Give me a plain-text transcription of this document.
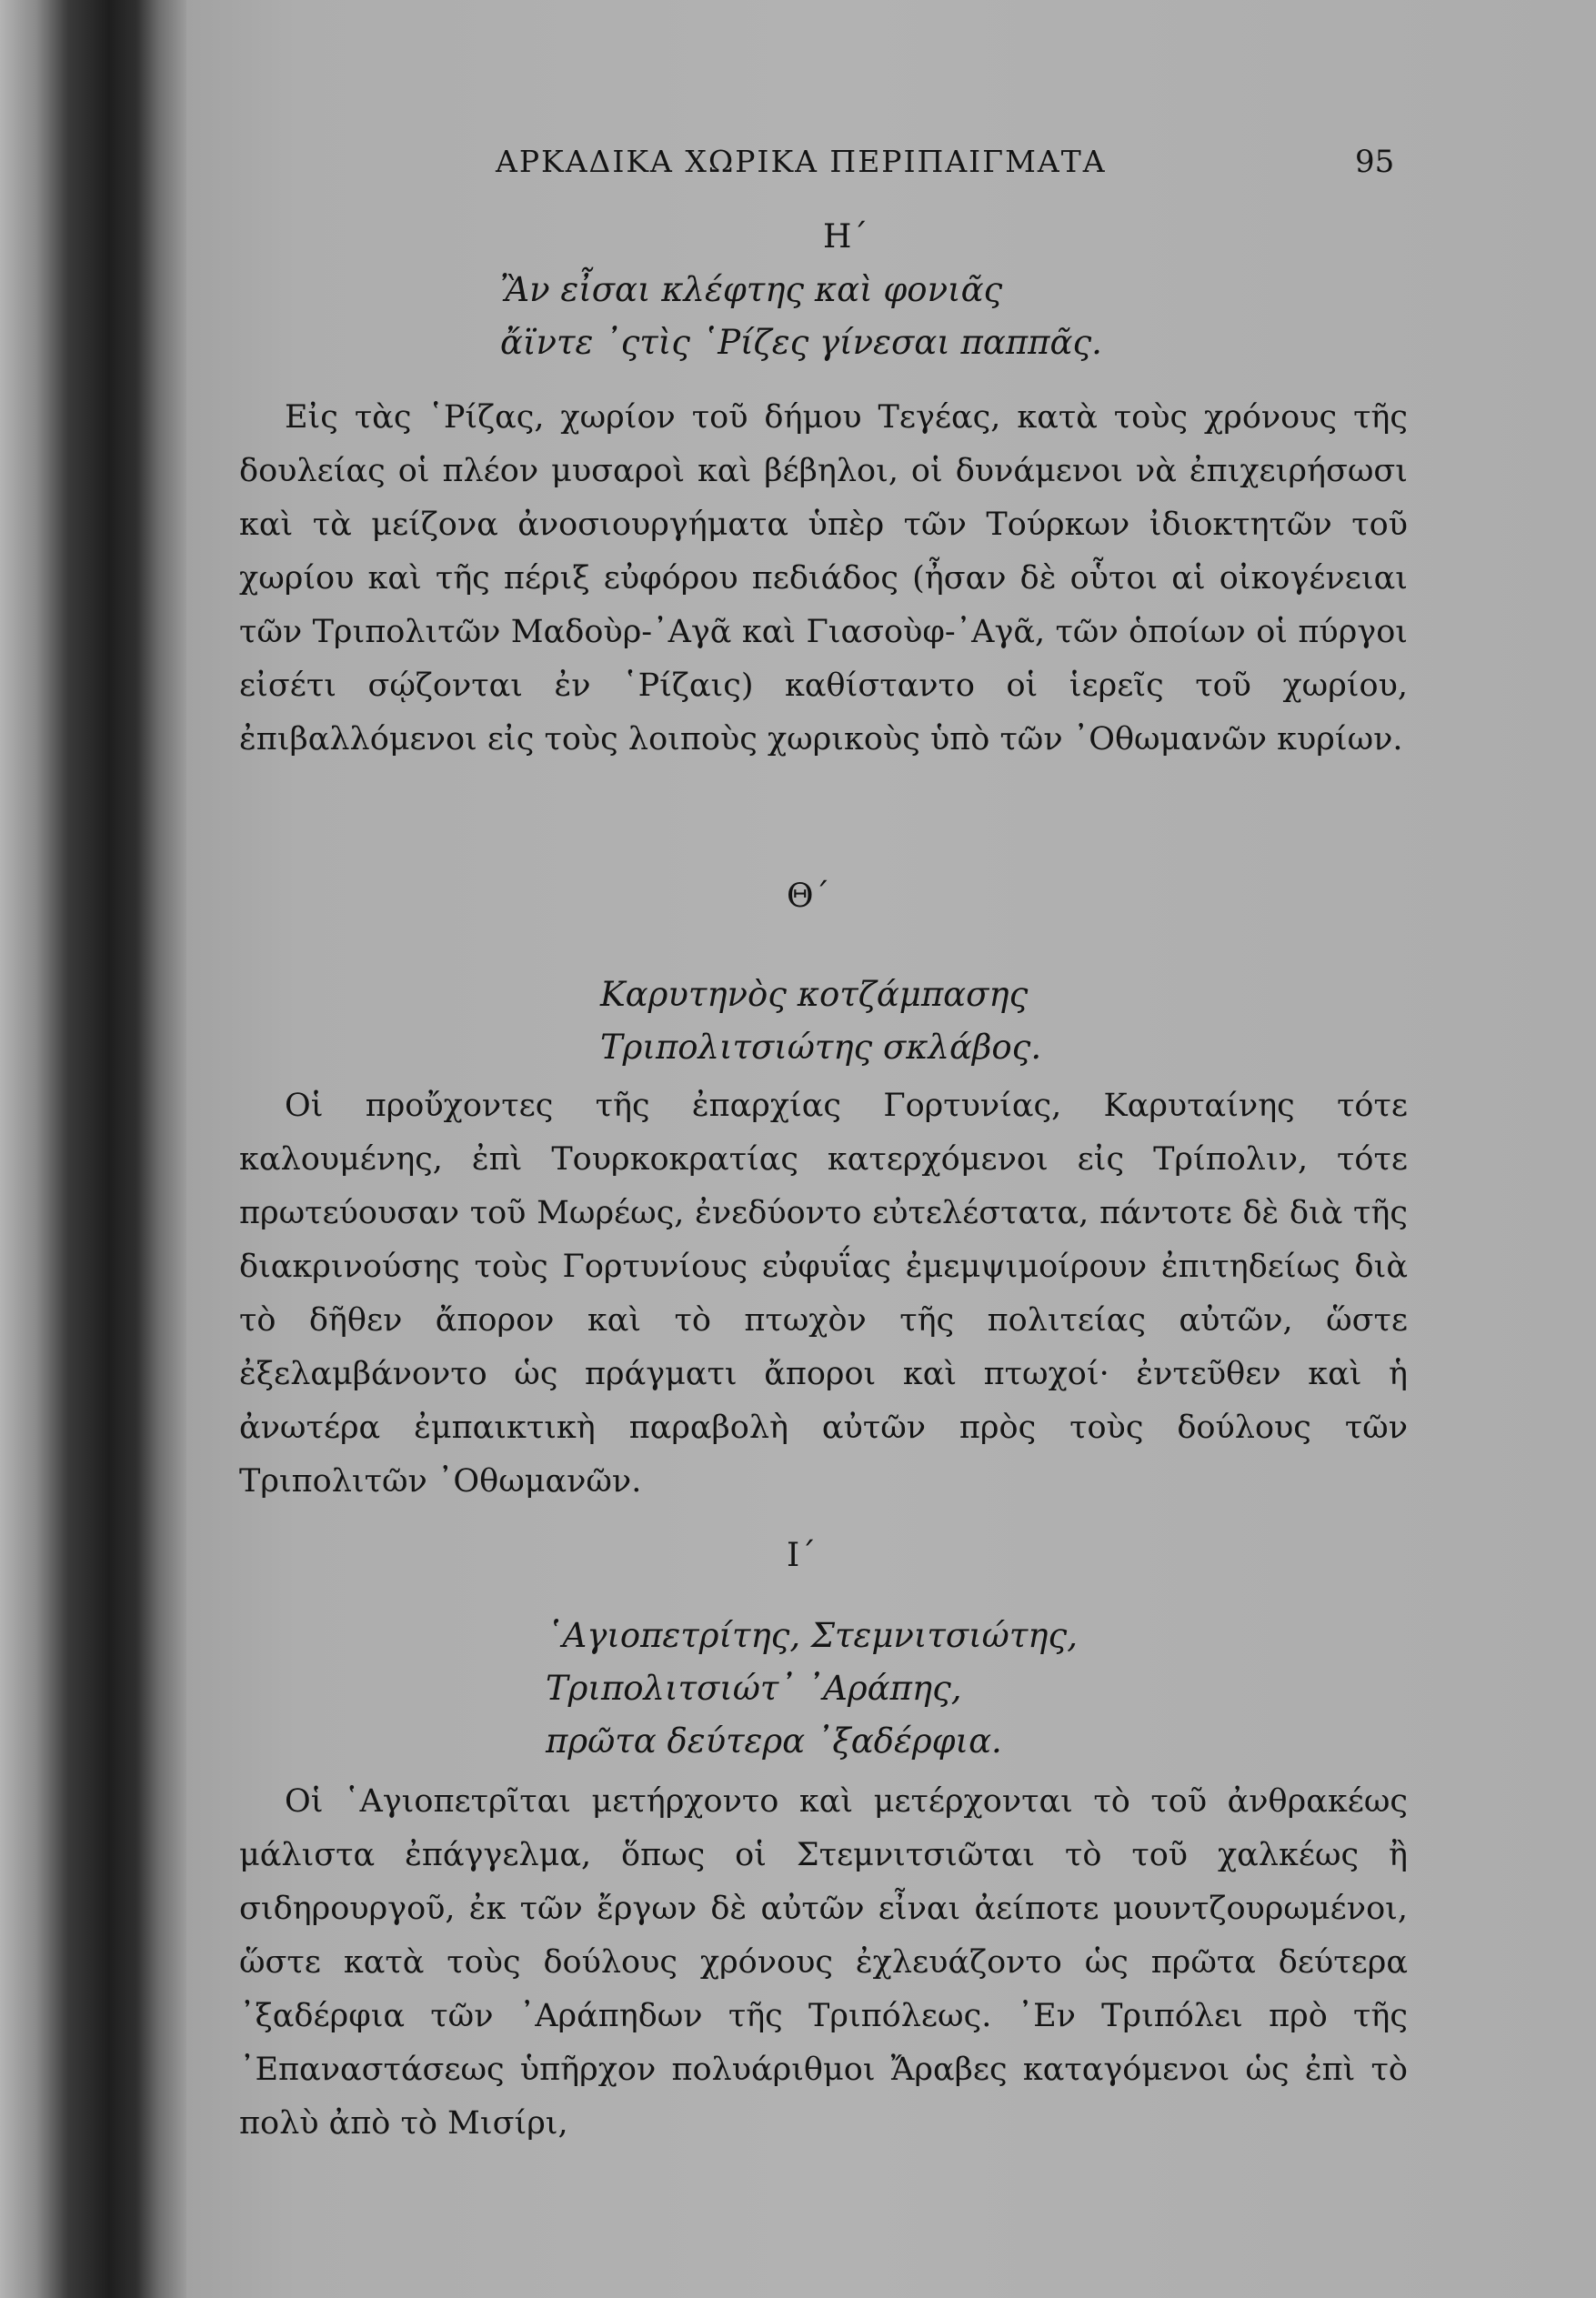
ΑΡΚΑΔΙΚΑ ΧΩΡΙΚΑ ΠΕΡΙΠΑΙΓΜΑΤΑ	95
Η΄
Ἂν εἶσαι κλέφτης καὶ φονιᾶς
ἄϊντε ᾽ςτὶς ῾Ρίζες γίνεσαι παππᾶς.

Εἰς τὰς ῾Ρίζας, χωρίον τοῦ δήμου Τεγέας, κατὰ τοὺς χρόνους τῆς δουλείας οἱ πλέον μυσαροὶ καὶ βέβηλοι, οἱ δυνάμενοι νὰ ἐπιχειρήσωσι καὶ τὰ μείζονα ἀνοσιουργήματα ὑπὲρ τῶν Τούρκων ἰδιοκτητῶν τοῦ χωρίου καὶ τῆς πέριξ εὐφόρου πεδιάδος (ἦσαν δὲ οὗτοι αἱ οἰκογένειαι τῶν Τριπολιτῶν Μαδοὺρ-᾽Αγᾶ καὶ Γιασοὺφ-᾽Αγᾶ, τῶν ὁποίων οἱ πύργοι εἰσέτι σῴζονται ἐν ῾Ρίζαις) καθίσταντο οἱ ἱερεῖς τοῦ χωρίου, ἐπιβαλλόμενοι εἰς τοὺς λοιποὺς χωρικοὺς ὑπὸ τῶν ᾽Οθωμανῶν κυρίων.

Θ΄
Καρυτηνὸς κοτζάμπασης
Τριπολιτσιώτης σκλάβος.

Οἱ προὔχοντες τῆς ἐπαρχίας Γορτυνίας, Καρυταίνης τότε καλουμένης, ἐπὶ Τουρκοκρατίας κατερχόμενοι εἰς Τρίπολιν, τότε πρωτεύουσαν τοῦ Μωρέως, ἐνεδύοντο εὐτελέστατα, πάντοτε δὲ διὰ τῆς διακρινούσης τοὺς Γορτυνίους εὐφυΐας ἐμεμψιμοίρουν ἐπιτηδείως διὰ τὸ δῆθεν ἄπορον καὶ τὸ πτωχὸν τῆς πολιτείας αὐτῶν, ὥστε ἐξελαμβάνοντο ὡς πράγματι ἄποροι καὶ πτωχοί· ἐντεῦθεν καὶ ἡ ἀνωτέρα ἐμπαικτικὴ παραβολὴ αὐτῶν πρὸς τοὺς δούλους τῶν Τριπολιτῶν ᾽Οθωμανῶν.

Ι΄
῾Αγιοπετρίτης, Στεμνιτσιώτης,
Τριπολιτσιώτ᾽ ᾽Αράπης,
πρῶτα δεύτερα ᾽ξαδέρφια.

Οἱ ῾Αγιοπετρῖται μετήρχοντο καὶ μετέρχονται τὸ τοῦ ἀνθρακέως μάλιστα ἐπάγγελμα, ὅπως οἱ Στεμνιτσιῶται τὸ τοῦ χαλκέως ἢ σιδηρουργοῦ, ἐκ τῶν ἔργων δὲ αὐτῶν εἶναι ἀείποτε μουντζουρωμένοι, ὥστε κατὰ τοὺς δούλους χρόνους ἐχλευάζοντο ὡς πρῶτα δεύτερα ᾽ξαδέρφια τῶν ᾽Αράπηδων τῆς Τριπόλεως. ᾽Εν Τριπόλει πρὸ τῆς ᾽Επαναστάσεως ὑπῆρχον πολυάριθμοι Ἄραβες καταγόμενοι ὡς ἐπὶ τὸ πολὺ ἀπὸ τὸ Μισίρι,
